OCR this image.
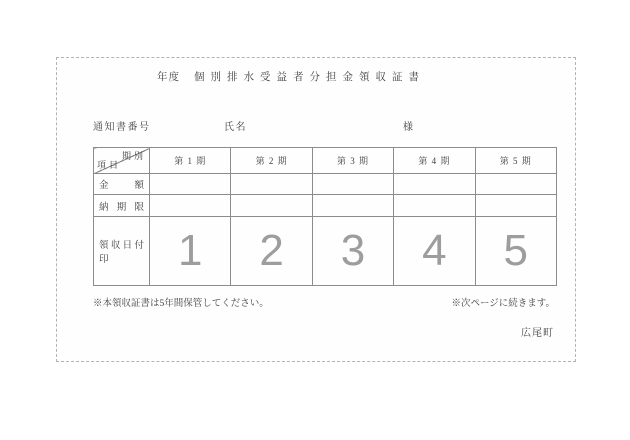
年度 個別排水受益者分担金領収証書
通知書番号	氏名	様
期別
項目	第 1 期	第 2 期	第 3 期	第 4 期	第 5 期
金額					
納期限					
領収日付印	1	2	3	4	5
※本領収証書は5年間保管してください。	※次ページに続きます。
広尾町
